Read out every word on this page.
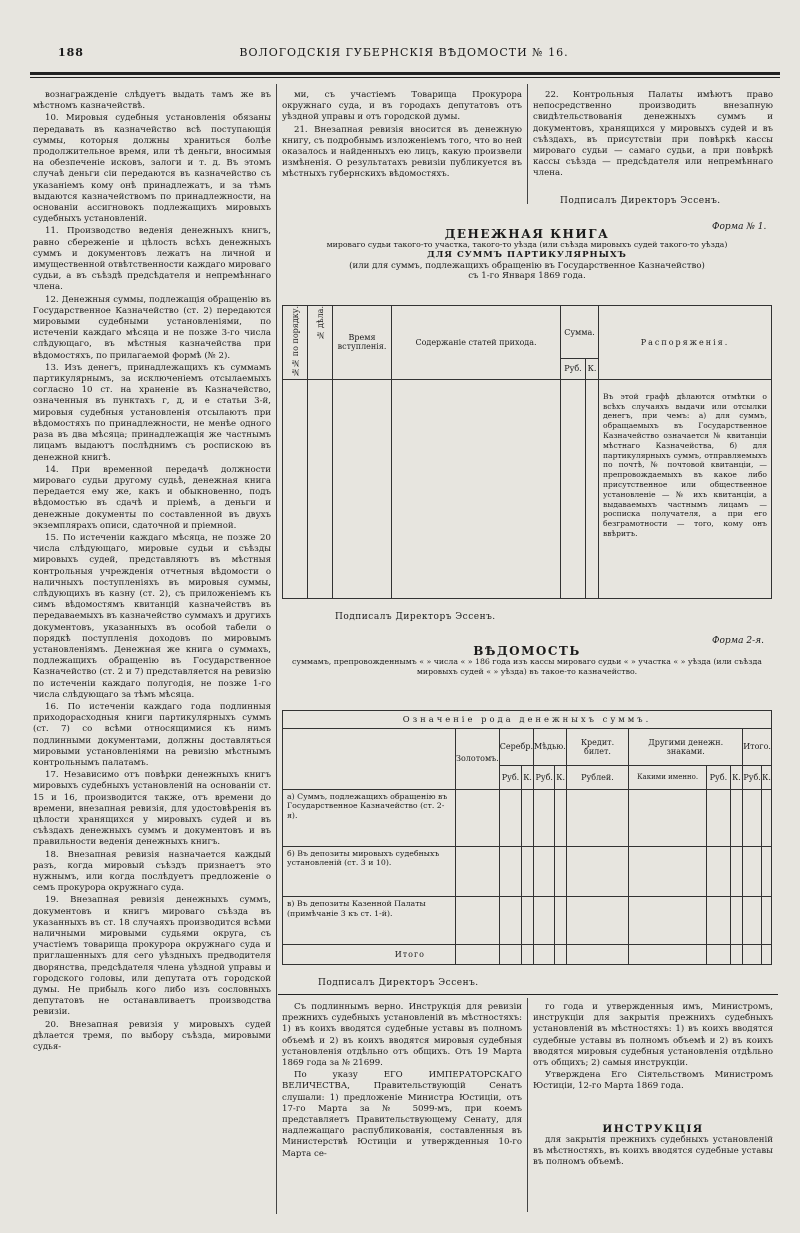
188	ВОЛОГОДСКІЯ ГУБЕРНСКІЯ ВѢДОМОСТИ № 16.

вознагражденіе слѣдуетъ выдать тамъ же въ мѣстномъ казначействѣ.

10. Мировыя судебныя установленія обязаны передавать въ казначейство всѣ поступающія суммы, которыя должны храниться болѣе продолжительное время, или тѣ деньги, вносимыя на обезпеченіе исковъ, залоги и т. д. Въ этомъ случаѣ деньги сіи передаются въ казначейство съ указаніемъ кому онѣ принадлежатъ, и за тѣмъ выдаются казначействомъ по принадлежности, на основаніи ассигновокъ подлежащихъ мировыхъ судебныхъ установленій.

11. Производство веденія денежныхъ книгъ, равно сбереженіе и цѣлость всѣхъ денежныхъ суммъ и документовъ лежатъ на личной и имущественной отвѣтственности каждаго мироваго судьи, а въ съѣздѣ предсѣдателя и непремѣннаго члена.

12. Денежныя суммы, подлежащія обращенію въ Государственное Казначейство (ст. 2) передаются мировыми судебными установленіями, по истеченіи каждаго мѣсяца и не позже 3-го числа слѣдующаго, въ мѣстныя казначейства при вѣдомостяхъ, по прилагаемой формѣ (№ 2).

13. Изъ денегъ, принадлежащихъ къ суммамъ партикулярнымъ, за исключеніемъ отсылаемыхъ согласно 10 ст. на храненіе въ Казначейство, означенныя въ пунктахъ г, д, и е статьи 3-й, мировыя судебныя установленія отсылаютъ при вѣдомостяхъ по принадлежности, не менѣе одного раза въ два мѣсяца; принадлежащія же частнымъ лицамъ выдаютъ послѣднимъ съ роспискою въ денежной книгѣ.

14. При временной передачѣ должности мироваго судьи другому судьѣ, денежная книга передается ему же, какъ и обыкновенно, подъ вѣдомостью въ сдачѣ и пріемѣ, а деньги и денежные документы по составленной въ двухъ экземплярахъ описи, сдаточной и пріемной.

15. По истеченіи каждаго мѣсяца, не позже 20 числа слѣдующаго, мировые судьи и съѣзды мировыхъ судей, представляютъ въ мѣстныя контрольныя учрежденія отчетныя вѣдомости о наличныхъ поступленіяхъ въ мировыя суммы, слѣдующихъ въ казну (ст. 2), съ приложеніемъ къ симъ вѣдомостямъ квитанцій казначействъ въ передаваемыхъ въ казначейство суммахъ и другихъ документовъ, указанныхъ въ особой табели о порядкѣ поступленія доходовъ по мировымъ установленіямъ. Денежная же книга о суммахъ, подлежащихъ обращенію въ Государственное Казначейство (ст. 2 и 7) представляется на ревизію по истеченіи каждаго полугодія, не позже 1-го числа слѣдующаго за тѣмъ мѣсяца.

16. По истеченіи каждаго года подлинныя приходорасходныя книги партикулярныхъ суммъ (ст. 7) со всѣми относящимися къ нимъ подлинными документами, должны доставляться мировыми установленіями на ревизію мѣстнымъ контрольнымъ палатамъ.

17. Независимо отъ повѣрки денежныхъ книгъ мировыхъ судебныхъ установленій на основаніи ст. 15 и 16, производится также, отъ времени до времени, внезапная ревизія, для удостовѣренія въ цѣлости хранящихся у мировыхъ судей и въ съѣздахъ денежныхъ суммъ и документовъ и въ правильности веденія денежныхъ книгъ.

18. Внезапная ревизія назначается каждый разъ, когда мировый съѣздъ признаетъ это нужнымъ, или когда послѣдуетъ предложеніе о семъ прокурора окружнаго суда.

19. Внезапная ревизія денежныхъ суммъ, документовъ и книгъ мироваго съѣзда въ указанныхъ въ ст. 18 случаяхъ производится всѣми наличными мировыми судьями округа, съ участіемъ товарища прокурора окружнаго суда и приглашенныхъ для сего уѣздныхъ предводителя дворянства, предсѣдателя члена уѣздной управы и городского головы, или депутата отъ городской думы. Не прибыль кого либо изъ сословныхъ депутатовъ не останавливаетъ производства ревизіи.

20. Внезапная ревизія у мировыхъ судей дѣлается тремя, по выбору съѣзда, мировыми судья-

ми, съ участіемъ Товарища Прокурора окружнаго суда, и въ городахъ депутатовъ отъ уѣздной управы и отъ городской думы.

21. Внезапная ревизія вносится въ денежную книгу, съ подробнымъ изложеніемъ того, что во ней оказалось и найденныхъ ею лицъ, какую произвели измѣненія. О результатахъ ревизіи публикуется въ мѣстныхъ губернскихъ вѣдомостяхъ.

22. Контрольныя Палаты имѣютъ право непосредственно производить внезапную свидѣтельствованія денежныхъ суммъ и документовъ, хранящихся у мировыхъ судей и въ съѣздахъ, въ присутствіи при повѣркѣ кассы мироваго судьи — самаго судьи, а при повѣркѣ кассы съѣзда — предсѣдателя или непремѣннаго члена.

Подписалъ Директоръ Эссенъ.
Форма № 1.
ДЕНЕЖНАЯ КНИГА
мироваго судьи такого-то участка, такого-то уѣзда (или съѣзда мировыхъ судей такого-то уѣзда)
ДЛЯ СУММЪ ПАРТИКУЛЯРНЫХЪ
(или для суммъ, подлежащихъ обращенію въ Государственное Казначейство)
съ 1-го Января 1869 года.
№№ по порядку.	№ дѣла.	Время вступленія.	Содержаніе статей прихода.	Сумма.		Распоряженія.
				Руб.	К.	
						Въ этой графѣ дѣлаются отмѣтки о всѣхъ случаяхъ выдачи или отсылки денегъ, при чемъ: а) для суммъ, обращаемыхъ въ Государственное Казначейство означается № квитанціи мѣстнаго Казначейства, б) для партикулярныхъ суммъ, отправляемыхъ по почтѣ, № почтовой квитанціи, — препровождаемыхъ въ какое либо присутственное или общественное установленіе — № ихъ квитанціи, а выдаваемыхъ частнымъ лицамъ — росписка получателя, а при его безграмотности — того, кому онъ ввѣритъ.
Подписалъ Директоръ Эссенъ.
Форма 2-я.
ВѢДОМОСТЬ
суммамъ, препровожденнымъ « » числа « » 186 года изъ кассы мироваго судьи « » участка « » уѣзда (или съѣзда мировыхъ судей « » уѣзда) въ такое-то казначейство.
Означеніе рода денежныхъ суммъ.											
	Золотомъ.	Серебр.		Мѣдью.		Кредит. билет.	Другими денежн. знаками.			Итого.	
		Руб.	К.	Руб.	К.	Рублей.	Какими именно.	Руб.	К.	Руб.	К.
а) Суммъ, подлежащихъ обращенію въ Государственное Казначейство (ст. 2-я).											
б) Въ депозиты мировыхъ судебныхъ установленій (ст. 3 и 10).											
в) Въ депозиты Казенной Палаты (примѣчаніе 3 къ ст. 1-й).											
Итого											
Подписалъ Директоръ Эссенъ.

Съ подлиннымъ верно. Инструкція для ревизіи прежнихъ судебныхъ установленій въ мѣстностяхъ: 1) въ коихъ вводятся судебные уставы въ полномъ объемѣ и 2) въ коихъ вводятся мировыя судебныя установленія отдѣльно отъ общихъ. Отъ 19 Марта 1869 года за № 21699.

По указу ЕГО ИМПЕРАТОРСКАГО ВЕЛИЧЕСТВА, Правительствующій Сенатъ слушали: 1) предложеніе Министра Юстиціи, отъ 17-го Марта за № 5099-мъ, при коемъ представляетъ Правительствующему Сенату, для надлежащаго распубликованія, составленныя въ Министерствѣ Юстиціи и утвержденныя 10-го Марта се-

го года и утвержденныя имъ, Министромъ, инструкціи для закрытія прежнихъ судебныхъ установленій въ мѣстностяхъ: 1) въ коихъ вводятся судебные уставы въ полномъ объемѣ и 2) въ коихъ вводятся мировыя судебныя установленія отдѣльно отъ общихъ; 2) самыя инструкціи.

Утверждена Его Сіятельствомъ Министромъ Юстиціи, 12-го Марта 1869 года.

ИНСТРУКЦІЯ
для закрытія прежнихъ судебныхъ установленій въ мѣстностяхъ, въ коихъ вводятся судебные уставы въ полномъ объемѣ.
